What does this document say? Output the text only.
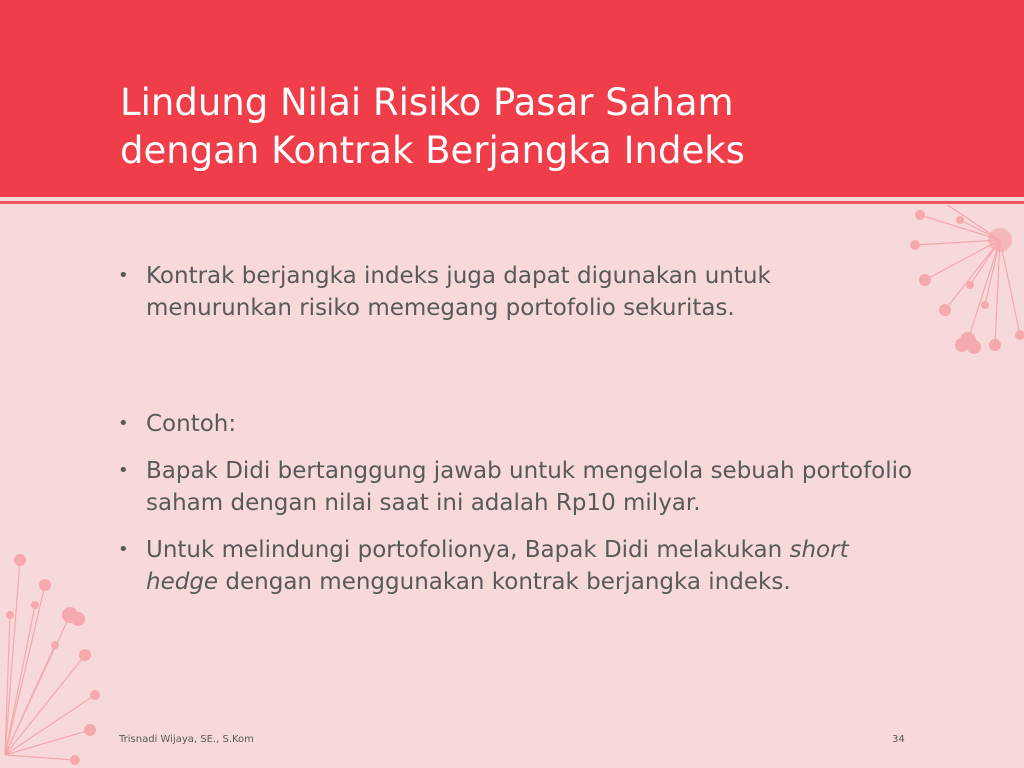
Lindung Nilai Risiko Pasar Saham
dengan Kontrak Berjangka Indeks
• Kontrak berjangka indeks juga dapat digunakan untuk menurunkan risiko memegang portofolio sekuritas.
• Contoh:
• Bapak Didi bertanggung jawab untuk mengelola sebuah portofolio saham dengan nilai saat ini adalah Rp10 milyar.
• Untuk melindungi portofolionya, Bapak Didi melakukan short hedge dengan menggunakan kontrak berjangka indeks.
Trisnadi Wijaya, SE., S.Kom	34
